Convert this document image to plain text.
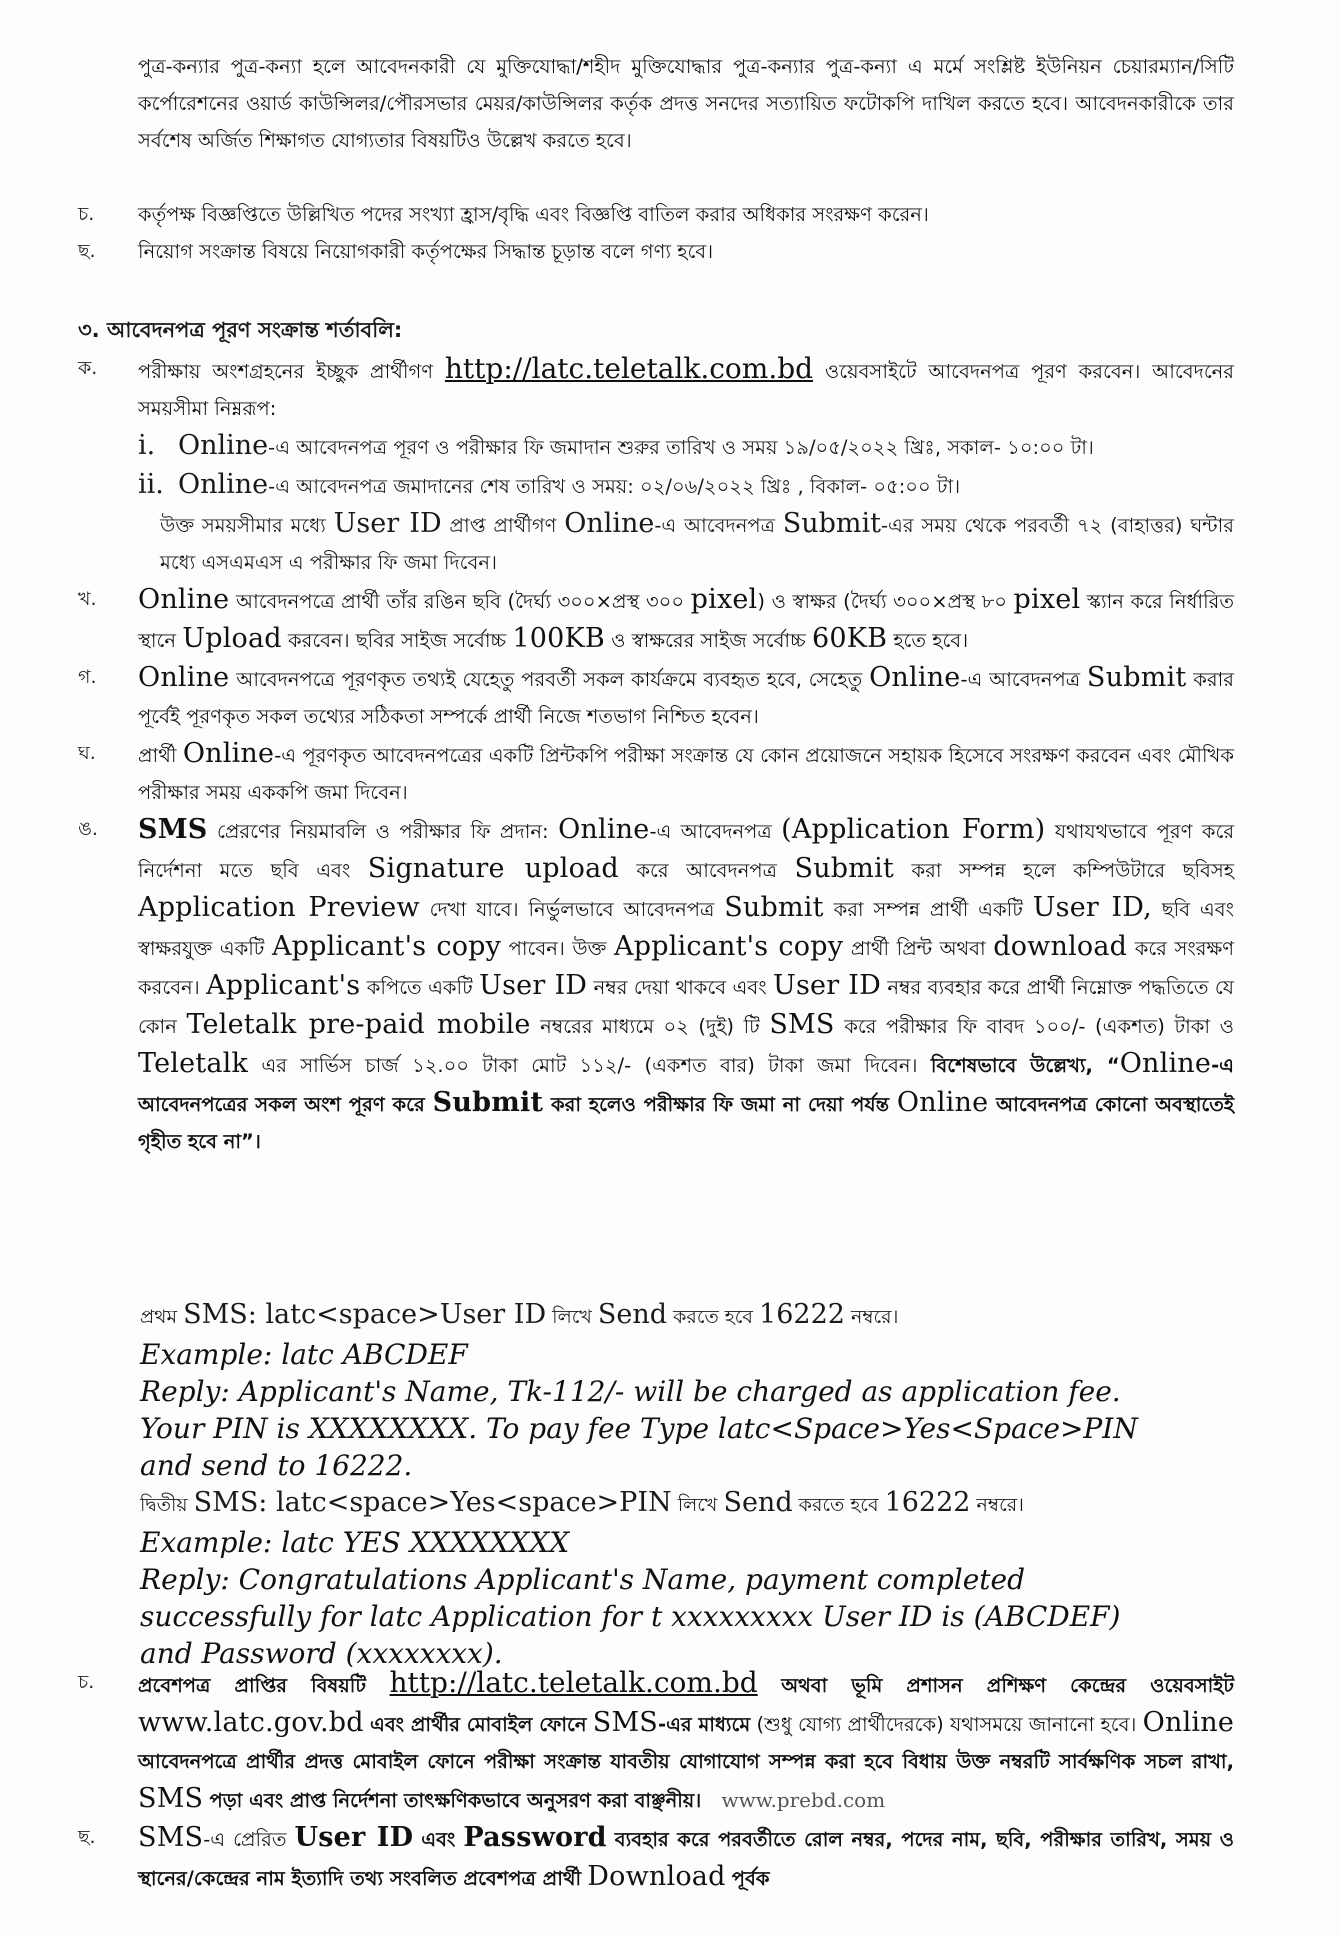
পুত্র-কন্যার পুত্র-কন্যা হলে আবেদনকারী যে মুক্তিযোদ্ধা/শহীদ মুক্তিযোদ্ধার পুত্র-কন্যার পুত্র-কন্যা এ মর্মে সংশ্লিষ্ট ইউনিয়ন চেয়ারম্যান/সিটি কর্পোরেশনের ওয়ার্ড কাউন্সিলর/পৌরসভার মেয়র/কাউন্সিলর কর্তৃক প্রদত্ত সনদের সত্যায়িত ফটোকপি দাখিল করতে হবে। আবেদনকারীকে তার সর্বশেষ অর্জিত শিক্ষাগত যোগ্যতার বিষয়টিও উল্লেখ করতে হবে।
চ.	কর্তৃপক্ষ বিজ্ঞপ্তিতে উল্লিখিত পদের সংখ্যা হ্রাস/বৃদ্ধি এবং বিজ্ঞপ্তি বাতিল করার অধিকার সংরক্ষণ করেন।
ছ.	নিয়োগ সংক্রান্ত বিষয়ে নিয়োগকারী কর্তৃপক্ষের সিদ্ধান্ত চূড়ান্ত বলে গণ্য হবে।
৩. আবেদনপত্র পূরণ সংক্রান্ত শর্তাবলি:
ক.	পরীক্ষায় অংশগ্রহনের ইচ্ছুক প্রার্থীগণ http://latc.teletalk.com.bd ওয়েবসাইটে আবেদনপত্র পূরণ করবেন। আবেদনের সময়সীমা নিম্নরূপ:
i. Online-এ আবেদনপত্র পূরণ ও পরীক্ষার ফি জমাদান শুরুর তারিখ ও সময় ১৯/০৫/২০২২ খ্রিঃ, সকাল- ১০:০০ টা।
ii. Online-এ আবেদনপত্র জমাদানের শেষ তারিখ ও সময়: ০২/০৬/২০২২ খ্রিঃ , বিকাল- ০৫:০০ টা।
উক্ত সময়সীমার মধ্যে User ID প্রাপ্ত প্রার্থীগণ Online-এ আবেদনপত্র Submit-এর সময় থেকে পরবর্তী ৭২ (বাহাত্তর) ঘন্টার মধ্যে এসএমএস এ পরীক্ষার ফি জমা দিবেন।
খ.	Online আবেদনপত্রে প্রার্থী তাঁর রঙিন ছবি (দৈর্ঘ্য ৩০০×প্রস্থ ৩০০ pixel) ও স্বাক্ষর (দৈর্ঘ্য ৩০০×প্রস্থ ৮০ pixel স্ক্যান করে নির্ধারিত স্থানে Upload করবেন। ছবির সাইজ সর্বোচ্চ 100KB ও স্বাক্ষরের সাইজ সর্বোচ্চ 60KB হতে হবে।
গ.	Online আবেদনপত্রে পূরণকৃত তথ্যই যেহেতু পরবর্তী সকল কার্যক্রমে ব্যবহৃত হবে, সেহেতু Online-এ আবেদনপত্র Submit করার পূর্বেই পূরণকৃত সকল তথ্যের সঠিকতা সম্পর্কে প্রার্থী নিজে শতভাগ নিশ্চিত হবেন।
ঘ.	প্রার্থী Online-এ পূরণকৃত আবেদনপত্রের একটি প্রিন্টকপি পরীক্ষা সংক্রান্ত যে কোন প্রয়োজনে সহায়ক হিসেবে সংরক্ষণ করবেন এবং মৌখিক পরীক্ষার সময় এককপি জমা দিবেন।
ঙ.	SMS প্রেরণের নিয়মাবলি ও পরীক্ষার ফি প্রদান: Online-এ আবেদনপত্র (Application Form) যথাযথভাবে পূরণ করে নির্দেশনা মতে ছবি এবং Signature upload করে আবেদনপত্র Submit করা সম্পন্ন হলে কম্পিউটারে ছবিসহ Application Preview দেখা যাবে। নির্ভুলভাবে আবেদনপত্র Submit করা সম্পন্ন প্রার্থী একটি User ID, ছবি এবং স্বাক্ষরযুক্ত একটি Applicant's copy পাবেন। উক্ত Applicant's copy প্রার্থী প্রিন্ট অথবা download করে সংরক্ষণ করবেন। Applicant's কপিতে একটি User ID নম্বর দেয়া থাকবে এবং User ID নম্বর ব্যবহার করে প্রার্থী নিম্নোক্ত পদ্ধতিতে যে কোন Teletalk pre-paid mobile নম্বরের মাধ্যমে ০২ (দুই) টি SMS করে পরীক্ষার ফি বাবদ ১০০/- (একশত) টাকা ও Teletalk এর সার্ভিস চার্জ ১২.০০ টাকা মোট ১১২/- (একশত বার) টাকা জমা দিবেন। বিশেষভাবে উল্লেখ্য, “Online-এ আবেদনপত্রের সকল অংশ পূরণ করে Submit করা হলেও পরীক্ষার ফি জমা না দেয়া পর্যন্ত Online আবেদনপত্র কোনো অবস্থাতেই গৃহীত হবে না”।
প্রথম SMS: latc<space>User ID লিখে Send করতে হবে 16222 নম্বরে।
Example: latc ABCDEF
Reply: Applicant's Name, Tk-112/- will be charged as application fee.
Your PIN is XXXXXXXX. To pay fee Type latc<Space>Yes<Space>PIN
and send to 16222.
দ্বিতীয় SMS: latc<space>Yes<space>PIN লিখে Send করতে হবে 16222 নম্বরে।
Example: latc YES XXXXXXXX
Reply: Congratulations Applicant's Name, payment completed
successfully for latc Application for t xxxxxxxxx User ID is (ABCDEF)
and Password (xxxxxxxx).
চ.	প্রবেশপত্র প্রাপ্তির বিষয়টি http://latc.teletalk.com.bd অথবা ভূমি প্রশাসন প্রশিক্ষণ কেন্দ্রের ওয়েবসাইট www.latc.gov.bd এবং প্রার্থীর মোবাইল ফোনে SMS-এর মাধ্যমে (শুধু যোগ্য প্রার্থীদেরকে) যথাসময়ে জানানো হবে। Online আবেদনপত্রে প্রার্থীর প্রদত্ত মোবাইল ফোনে পরীক্ষা সংক্রান্ত যাবতীয় যোগাযোগ সম্পন্ন করা হবে বিধায় উক্ত নম্বরটি সার্বক্ষণিক সচল রাখা, SMS পড়া এবং প্রাপ্ত নির্দেশনা তাৎক্ষণিকভাবে অনুসরণ করা বাঞ্ছনীয়। www.prebd.com
ছ.	SMS-এ প্রেরিত User ID এবং Password ব্যবহার করে পরবর্তীতে রোল নম্বর, পদের নাম, ছবি, পরীক্ষার তারিখ, সময় ও স্থানের/কেন্দ্রের নাম ইত্যাদি তথ্য সংবলিত প্রবেশপত্র প্রার্থী Download পূর্বক
